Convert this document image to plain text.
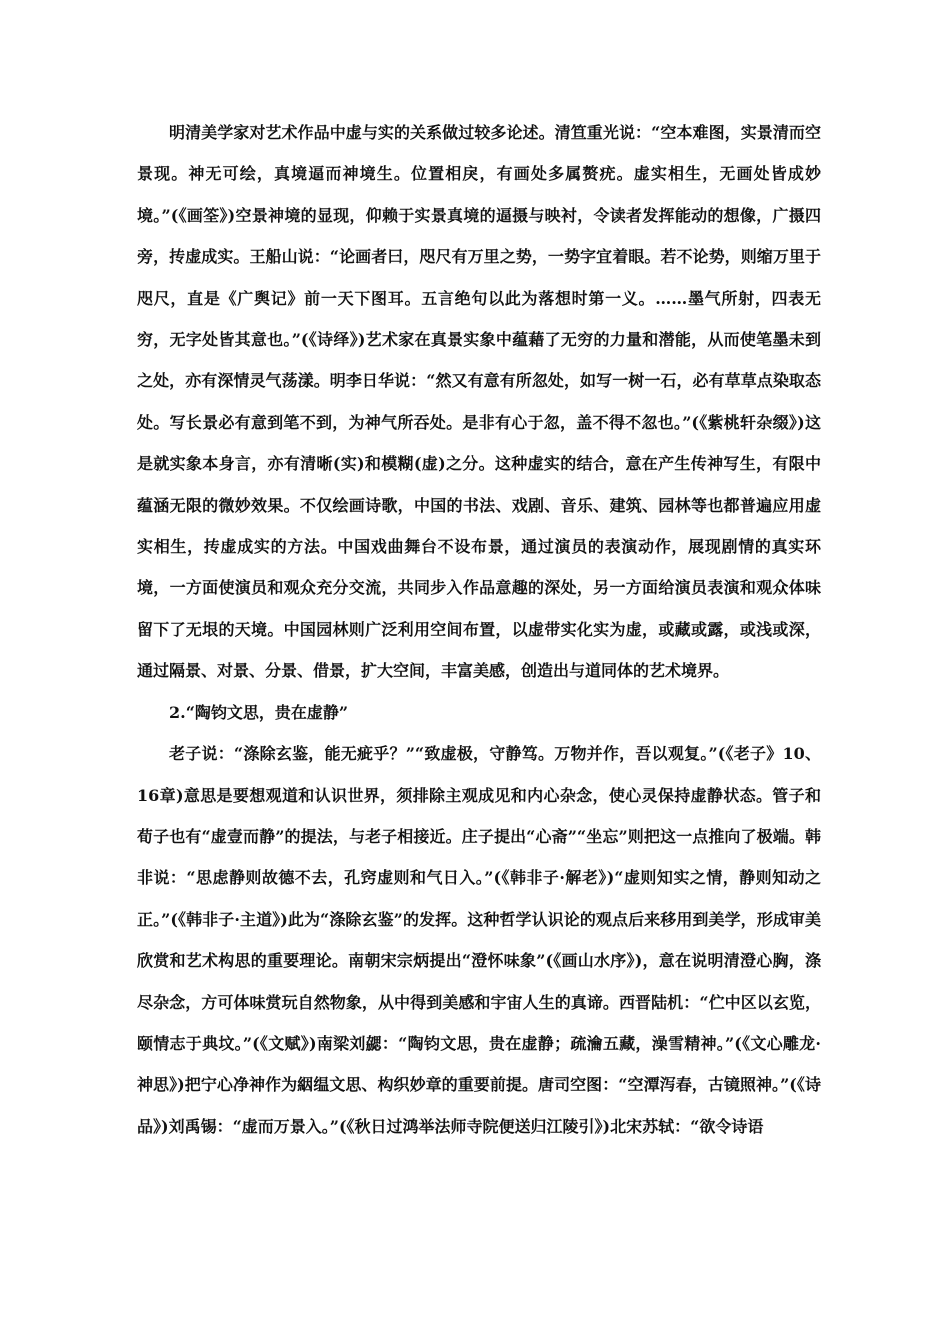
明清美学家对艺术作品中虚与实的关系做过较多论述。清笪重光说：“空本难图，实景清而空景现。神无可绘，真境逼而神境生。位置相戾，有画处多属赘疣。虚实相生，无画处皆成妙境。”(《画筌》)空景神境的显现，仰赖于实景真境的逼摄与映衬，令读者发挥能动的想像，广摄四旁，抟虚成实。王船山说：“论画者曰，咫尺有万里之势，一势字宜着眼。若不论势，则缩万里于咫尺，直是《广舆记》前一天下图耳。五言绝句以此为落想时第一义。……墨气所射，四表无穷，无字处皆其意也。”(《诗绎》)艺术家在真景实象中蕴藉了无穷的力量和潜能，从而使笔墨未到之处，亦有深情灵气荡漾。明李日华说：“然又有意有所忽处，如写一树一石，必有草草点染取态处。写长景必有意到笔不到，为神气所吞处。是非有心于忽，盖不得不忽也。”(《紫桃轩杂缀》)这是就实象本身言，亦有清晰(实)和模糊(虚)之分。这种虚实的结合，意在产生传神写生，有限中蕴涵无限的微妙效果。不仅绘画诗歌，中国的书法、戏剧、音乐、建筑、园林等也都普遍应用虚实相生，抟虚成实的方法。中国戏曲舞台不设布景，通过演员的表演动作，展现剧情的真实环境，一方面使演员和观众充分交流，共同步入作品意趣的深处，另一方面给演员表演和观众体味留下了无垠的天境。中国园林则广泛利用空间布置，以虚带实化实为虚，或藏或露，或浅或深，通过隔景、对景、分景、借景，扩大空间，丰富美感，创造出与道同体的艺术境界。

2.“陶钧文思，贵在虚静”

老子说：“涤除玄鉴，能无疵乎？”“致虚极，守静笃。万物并作，吾以观复。”(《老子》10、16章)意思是要想观道和认识世界，须排除主观成见和内心杂念，使心灵保持虚静状态。管子和荀子也有“虚壹而静”的提法，与老子相接近。庄子提出“心斋”“坐忘”则把这一点推向了极端。韩非说：“思虑静则故德不去，孔窍虚则和气日入。”(《韩非子·解老》)“虚则知实之情，静则知动之正。”(《韩非子·主道》)此为“涤除玄鉴”的发挥。这种哲学认识论的观点后来移用到美学，形成审美欣赏和艺术构思的重要理论。南朝宋宗炳提出“澄怀味象”(《画山水序》)，意在说明清澄心胸，涤尽杂念，方可体味赏玩自然物象，从中得到美感和宇宙人生的真谛。西晋陆机：“伫中区以玄览，颐情志于典坟。”(《文赋》)南梁刘勰：“陶钧文思，贵在虚静；疏瀹五藏，澡雪精神。”(《文心雕龙·神思》)把宁心净神作为絪缊文思、构织妙章的重要前提。唐司空图：“空潭泻春，古镜照神。”(《诗品》)刘禹锡：“虚而万景入。”(《秋日过鸿举法师寺院便送归江陵引》)北宋苏轼：“欲令诗语
